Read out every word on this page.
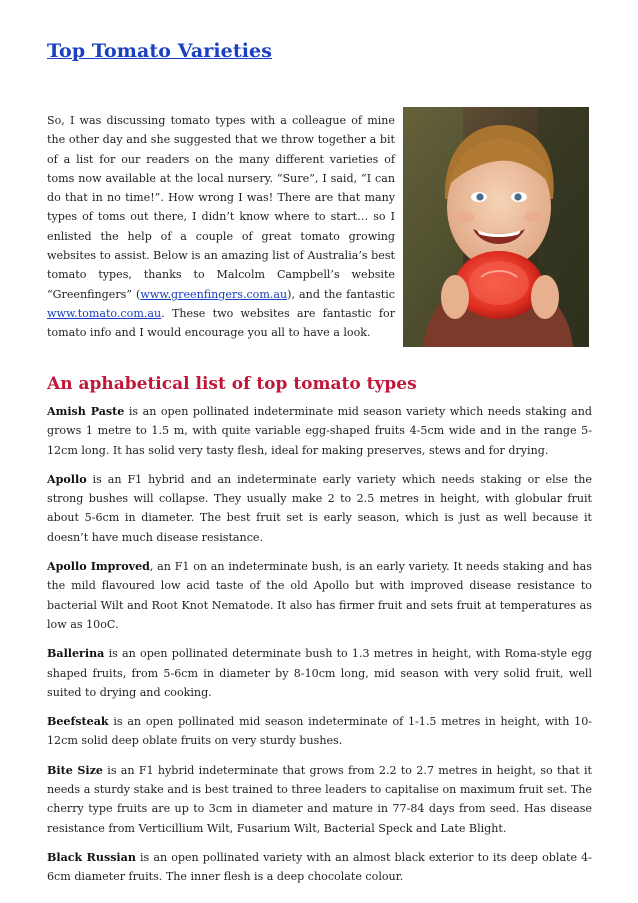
Top Tomato Varieties

So, I was discussing tomato types with a colleague of mine the other day and she suggested that we throw together a bit of a list for our readers on the many different varieties of toms now available at the local nursery. “Sure”, I said, “I can do that in no time!”. How wrong I was! There are that many types of toms out there, I didn’t know where to start… so I enlisted the help of a couple of great tomato growing websites to assist. Below is an amazing list of Australia’s best tomato types, thanks to Malcolm Campbell’s website “Greenfingers” (www.greenfingers.com.au), and the fantastic www.tomato.com.au. These two websites are fantastic for tomato info and I would encourage you all to have a look.

An aphabetical list of top tomato types

Amish Paste is an open pollinated indeterminate mid season variety which needs staking and grows 1 metre to 1.5 m, with quite variable egg-shaped fruits 4-5cm wide and in the range 5-12cm long. It has solid very tasty flesh, ideal for making preserves, stews and for drying.

Apollo is an F1 hybrid and an indeterminate early variety which needs staking or else the strong bushes will collapse. They usually make 2 to 2.5 metres in height, with globular fruit about 5-6cm in diameter. The best fruit set is early season, which is just as well because it doesn’t have much disease resistance.

Apollo Improved, an F1 on an indeterminate bush, is an early variety. It needs staking and has the mild flavoured low acid taste of the old Apollo but with improved disease resistance to bacterial Wilt and Root Knot Nematode. It also has firmer fruit and sets fruit at temperatures as low as 10oC.

Ballerina is an open pollinated determinate bush to 1.3 metres in height, with Roma-style egg shaped fruits, from 5-6cm in diameter by 8-10cm long, mid season with very solid fruit, well suited to drying and cooking.

Beefsteak is an open pollinated mid season indeterminate of 1-1.5 metres in height, with 10-12cm solid deep oblate fruits on very sturdy bushes.

Bite Size is an F1 hybrid indeterminate that grows from 2.2 to 2.7 metres in height, so that it needs a sturdy stake and is best trained to three leaders to capitalise on maximum fruit set. The cherry type fruits are up to 3cm in diameter and mature in 77-84 days from seed. Has disease resistance from Verticillium Wilt, Fusarium Wilt, Bacterial Speck and Late Blight.

Black Russian is an open pollinated variety with an almost black exterior to its deep oblate 4-6cm diameter fruits. The inner flesh is a deep chocolate colour.
